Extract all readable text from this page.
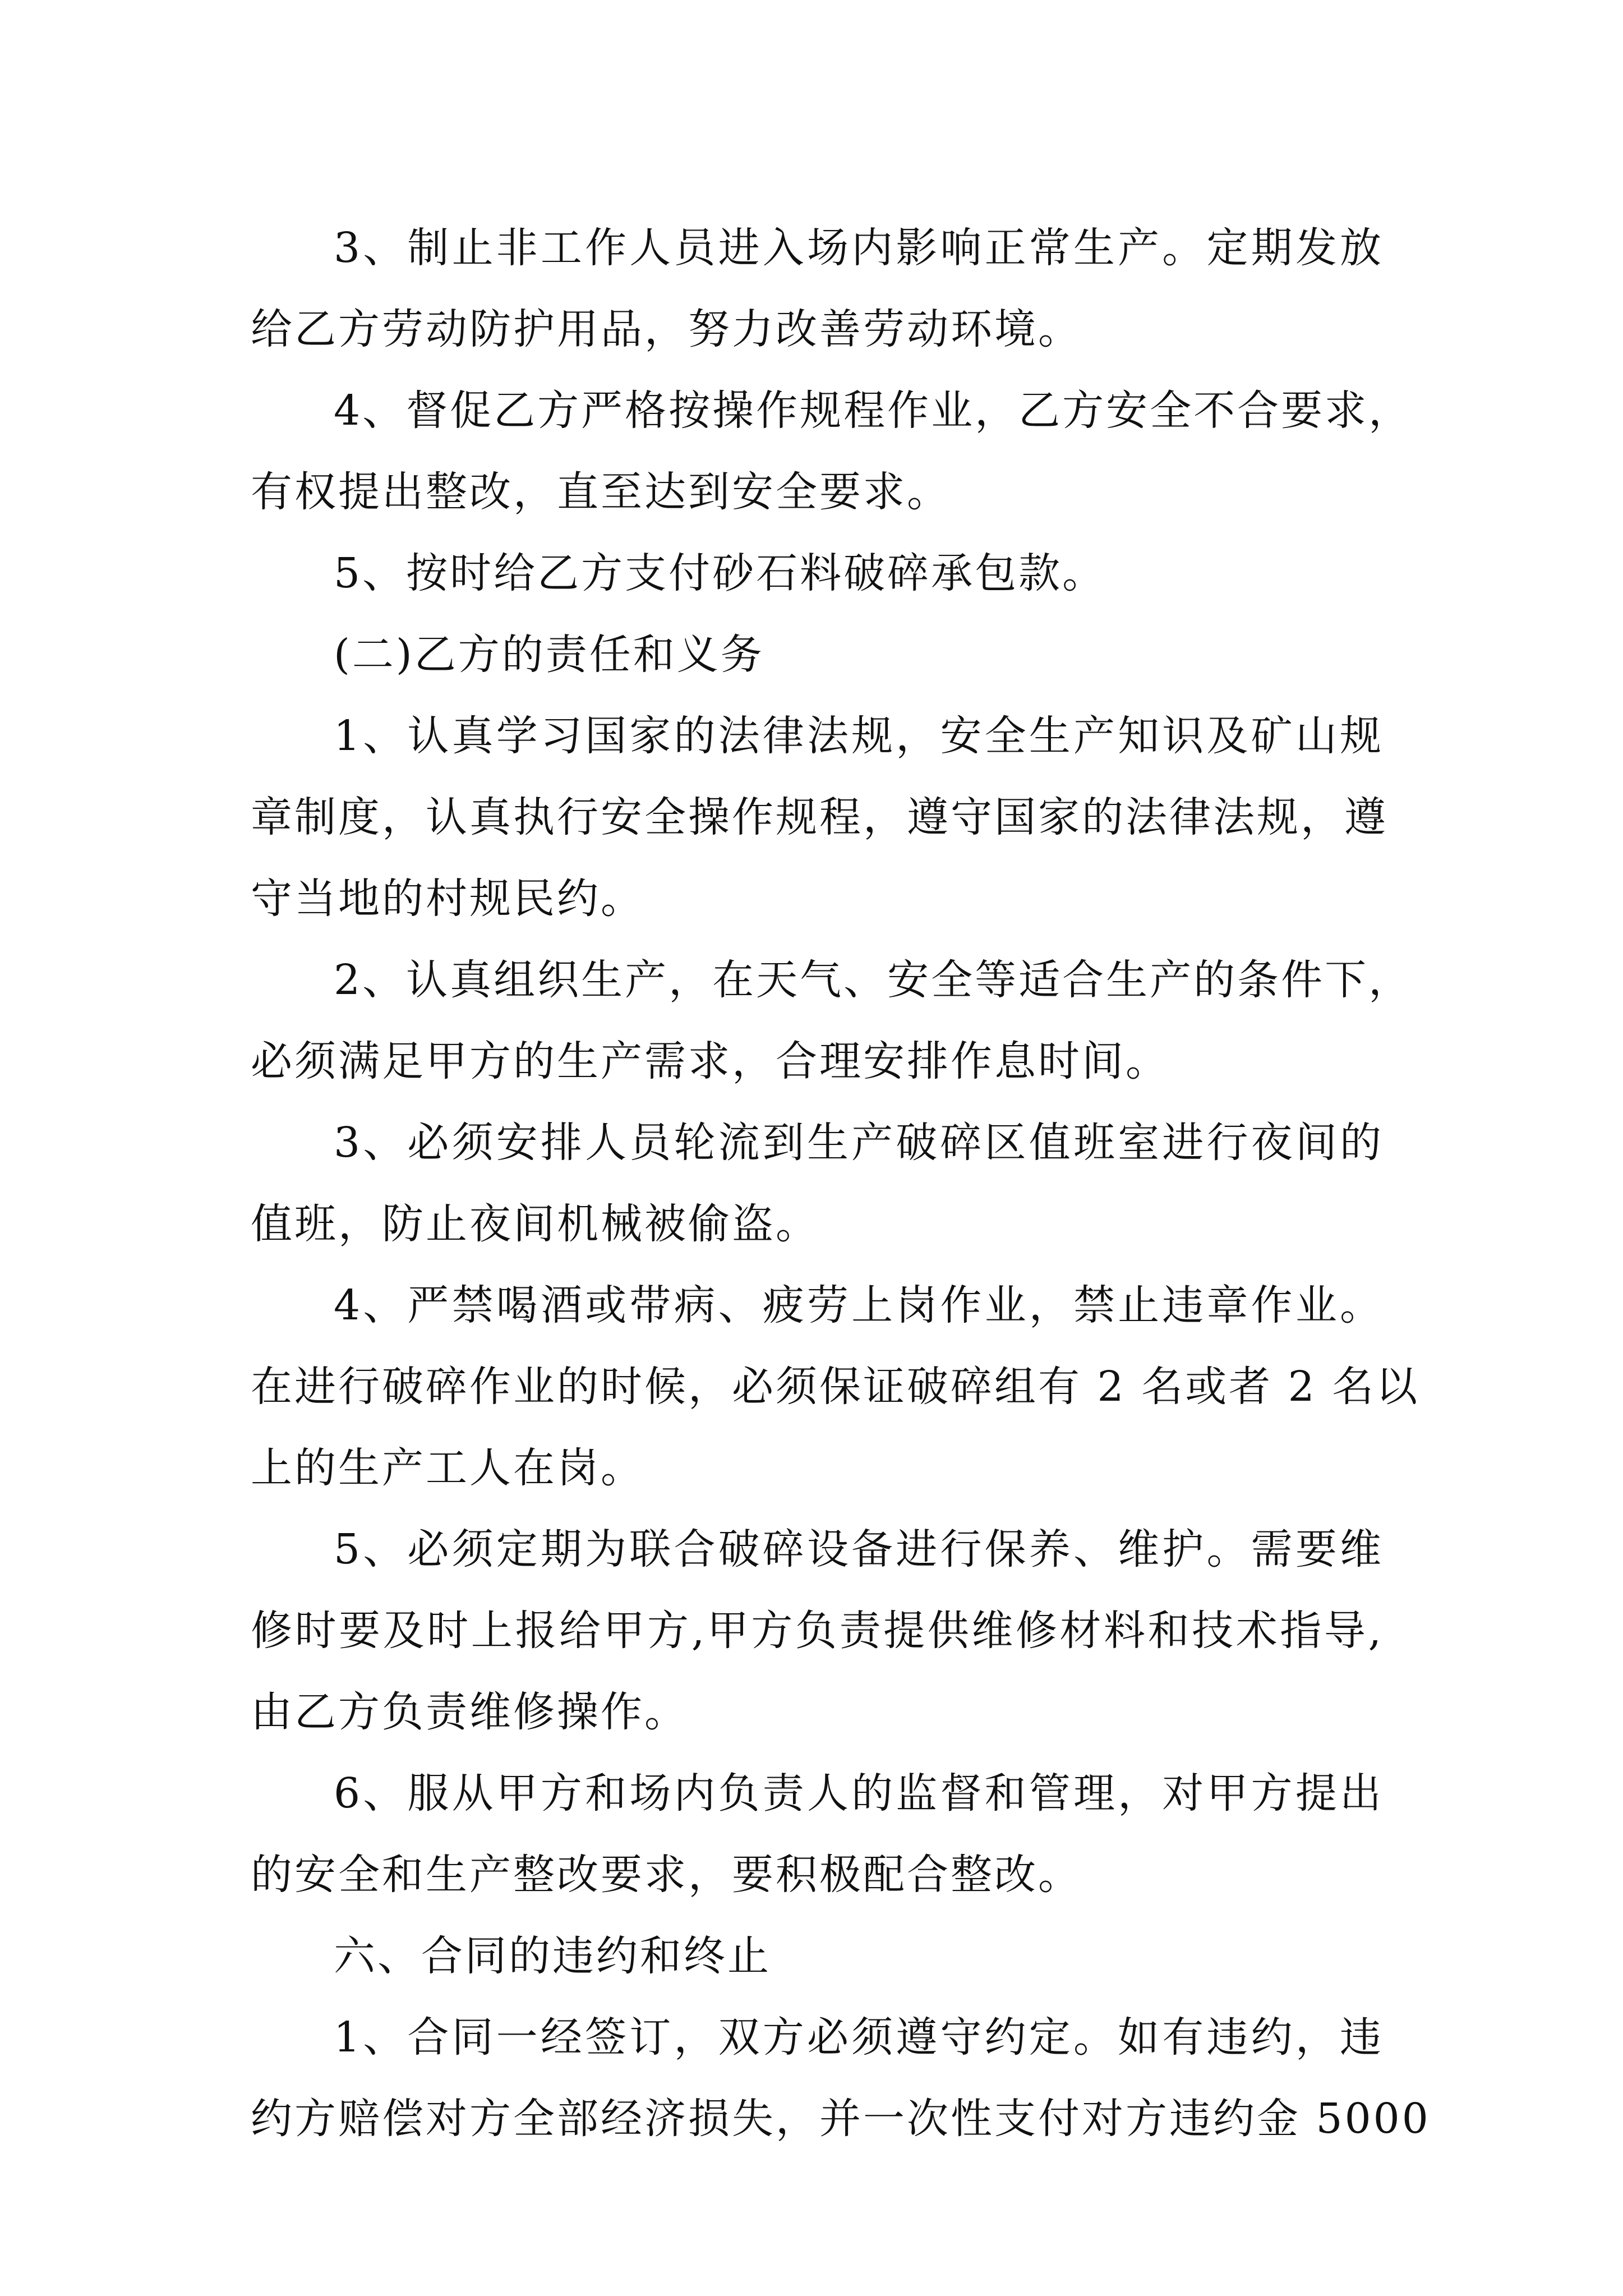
3、制止非工作人员进入场内影响正常生产。定期发放
给乙方劳动防护用品，努力改善劳动环境。
4、督促乙方严格按操作规程作业，乙方安全不合要求，
有权提出整改，直至达到安全要求。
5、按时给乙方支付砂石料破碎承包款。
(二)乙方的责任和义务
1、认真学习国家的法律法规，安全生产知识及矿山规
章制度，认真执行安全操作规程，遵守国家的法律法规，遵
守当地的村规民约。
2、认真组织生产，在天气、安全等适合生产的条件下，
必须满足甲方的生产需求，合理安排作息时间。
3、必须安排人员轮流到生产破碎区值班室进行夜间的
值班，防止夜间机械被偷盗。
4、严禁喝酒或带病、疲劳上岗作业，禁止违章作业。
在进行破碎作业的时候，必须保证破碎组有 2 名或者 2 名以
上的生产工人在岗。
5、必须定期为联合破碎设备进行保养、维护。需要维
修时要及时上报给甲方,甲方负责提供维修材料和技术指导,
由乙方负责维修操作。
6、服从甲方和场内负责人的监督和管理，对甲方提出
的安全和生产整改要求，要积极配合整改。
六、合同的违约和终止
1、合同一经签订，双方必须遵守约定。如有违约，违
约方赔偿对方全部经济损失，并一次性支付对方违约金 5000
